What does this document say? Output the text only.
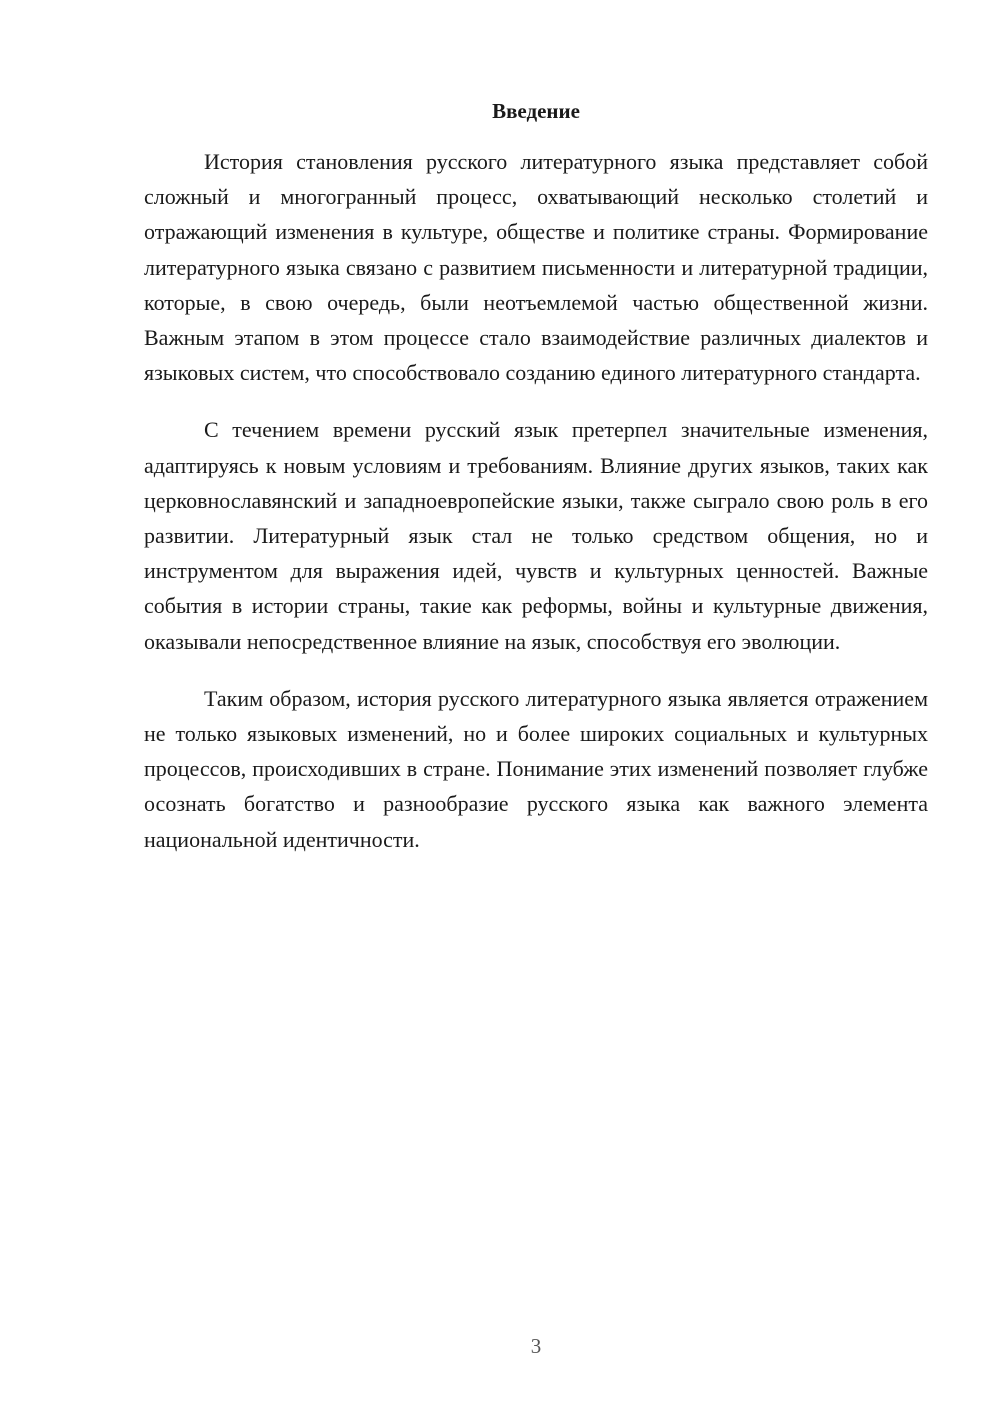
Введение

История становления русского литературного языка представляет собой сложный и многогранный процесс, охватывающий несколько столетий и отражающий изменения в культуре, обществе и политике страны. Формирование литературного языка связано с развитием письменности и литературной традиции, которые, в свою очередь, были неотъемлемой частью общественной жизни. Важным этапом в этом процессе стало взаимодействие различных диалектов и языковых систем, что способствовало созданию единого литературного стандарта.

С течением времени русский язык претерпел значительные изменения, адаптируясь к новым условиям и требованиям. Влияние других языков, таких как церковнославянский и западноевропейские языки, также сыграло свою роль в его развитии. Литературный язык стал не только средством общения, но и инструментом для выражения идей, чувств и культурных ценностей. Важные события в истории страны, такие как реформы, войны и культурные движения, оказывали непосредственное влияние на язык, способствуя его эволюции.

Таким образом, история русского литературного языка является отражением не только языковых изменений, но и более широких социальных и культурных процессов, происходивших в стране. Понимание этих изменений позволяет глубже осознать богатство и разнообразие русского языка как важного элемента национальной идентичности.

3
